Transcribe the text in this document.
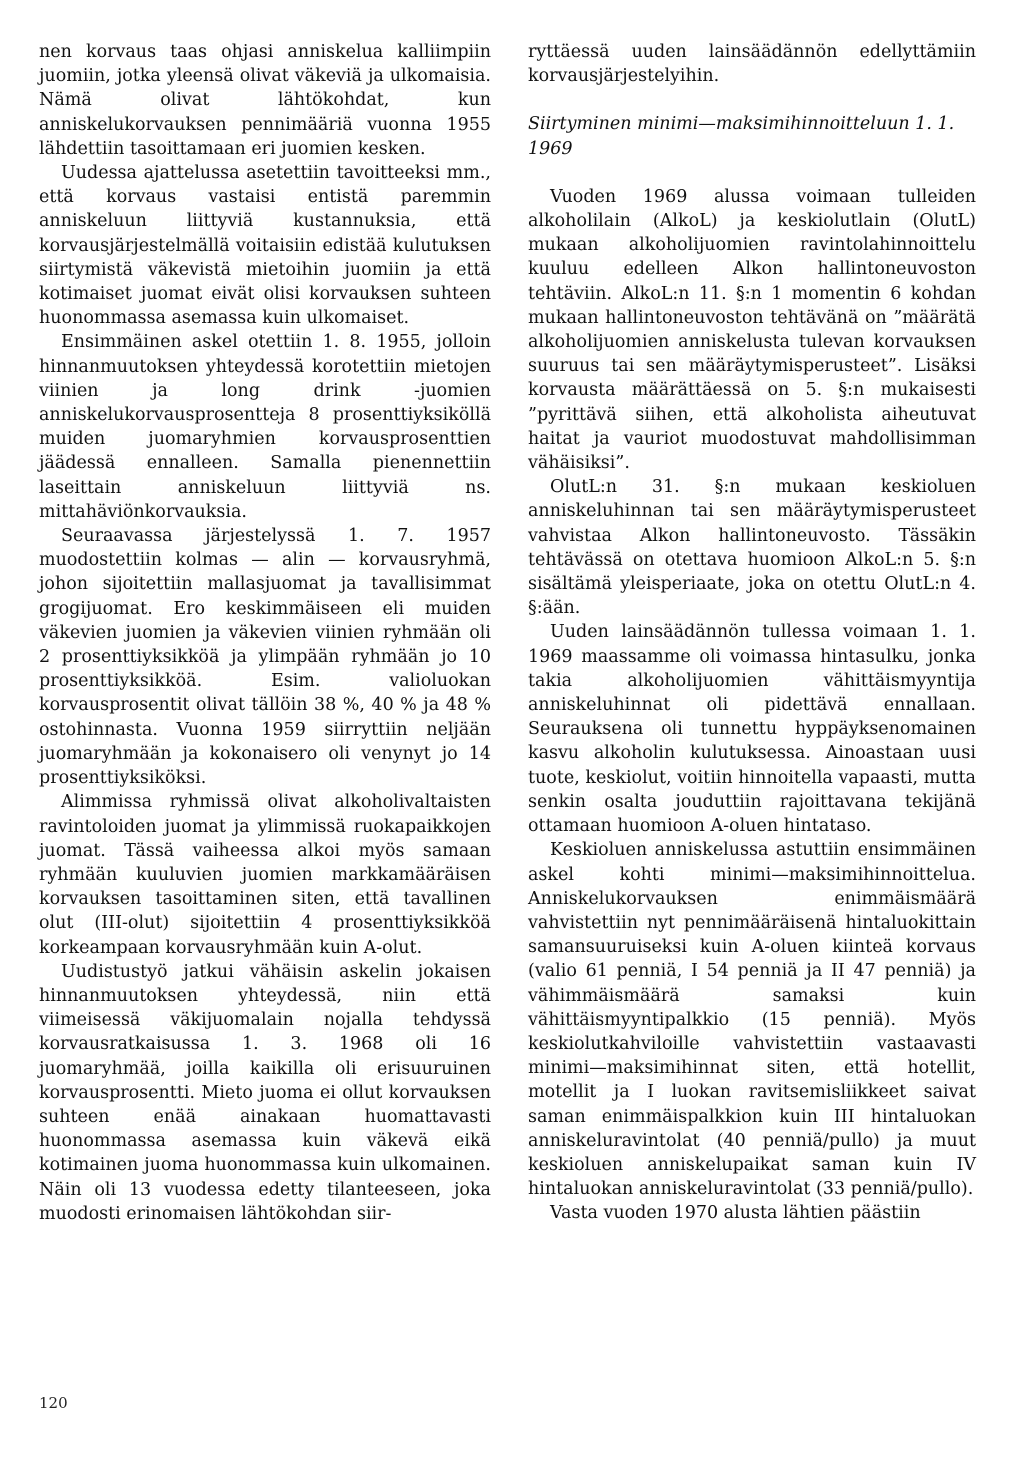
nen korvaus taas ohjasi anniskelua kalliimpiin juomiin, jotka yleensä olivat väkeviä ja ulkomaisia. Nämä olivat lähtökohdat, kun anniskelukorvauksen pennimääriä vuonna 1955 lähdettiin tasoittamaan eri juomien kesken.

Uudessa ajattelussa asetettiin tavoitteeksi mm., että korvaus vastaisi entistä paremmin anniskeluun liittyviä kustannuksia, että korvausjärjestelmällä voitaisiin edistää kulutuksen siirtymistä väkevistä mietoihin juomiin ja että kotimaiset juomat eivät olisi korvauksen suhteen huonommassa asemassa kuin ulkomaiset.

Ensimmäinen askel otettiin 1. 8. 1955, jolloin hinnanmuutoksen yhteydessä korotettiin mietojen viinien ja long drink -juomien anniskelukorvausprosentteja 8 prosenttiyksiköllä muiden juomaryhmien korvausprosenttien jäädessä ennalleen. Samalla pienennettiin laseittain anniskeluun liittyviä ns. mittahäviönkorvauksia.

Seuraavassa järjestelyssä 1. 7. 1957 muodostettiin kolmas — alin — korvausryhmä, johon sijoitettiin mallasjuomat ja tavallisimmat grogijuomat. Ero keskimmäiseen eli muiden väkevien juomien ja väkevien viinien ryhmään oli 2 prosenttiyksikköä ja ylimpään ryhmään jo 10 prosenttiyksikköä. Esim. valioluokan korvausprosentit olivat tällöin 38 %, 40 % ja 48 % ostohinnasta. Vuonna 1959 siirryttiin neljään juomaryhmään ja kokonaisero oli venynyt jo 14 prosenttiyksiköksi.

Alimmissa ryhmissä olivat alkoholivaltaisten ravintoloiden juomat ja ylimmissä ruokapaikkojen juomat. Tässä vaiheessa alkoi myös samaan ryhmään kuuluvien juomien markkamääräisen korvauksen tasoittaminen siten, että tavallinen olut (III-olut) sijoitettiin 4 prosenttiyksikköä korkeampaan korvausryhmään kuin A-olut.

Uudistustyö jatkui vähäisin askelin jokaisen hinnanmuutoksen yhteydessä, niin että viimeisessä väkijuomalain nojalla tehdyssä korvausratkaisussa 1. 3. 1968 oli 16 juomaryhmää, joilla kaikilla oli erisuuruinen korvausprosentti. Mieto juoma ei ollut korvauksen suhteen enää ainakaan huomattavasti huonommassa asemassa kuin väkevä eikä kotimainen juoma huonommassa kuin ulkomainen. Näin oli 13 vuodessa edetty tilanteeseen, joka muodosti erinomaisen lähtökohdan siir-

ryttäessä uuden lainsäädännön edellyttämiin korvausjärjestelyihin.

Siirtyminen minimi—maksimihinnoitteluun 1. 1. 1969

Vuoden 1969 alussa voimaan tulleiden alkoholilain (AlkoL) ja keskiolutlain (OlutL) mukaan alkoholijuomien ravintolahinnoittelu kuuluu edelleen Alkon hallintoneuvoston tehtäviin. AlkoL:n 11. §:n 1 momentin 6 kohdan mukaan hallintoneuvoston tehtävänä on ”määrätä alkoholijuomien anniskelusta tulevan korvauksen suuruus tai sen määräytymisperusteet”. Lisäksi korvausta määrättäessä on 5. §:n mukaisesti ”pyrittävä siihen, että alkoholista aiheutuvat haitat ja vauriot muodostuvat mahdollisimman vähäisiksi”.

OlutL:n 31. §:n mukaan keskioluen anniskeluhinnan tai sen määräytymisperusteet vahvistaa Alkon hallintoneuvosto. Tässäkin tehtävässä on otettava huomioon AlkoL:n 5. §:n sisältämä yleisperiaate, joka on otettu OlutL:n 4. §:ään.

Uuden lainsäädännön tullessa voimaan 1. 1. 1969 maassamme oli voimassa hintasulku, jonka takia alkoholijuomien vähittäismyyntija anniskeluhinnat oli pidettävä ennallaan. Seurauksena oli tunnettu hyppäyksenomainen kasvu alkoholin kulutuksessa. Ainoastaan uusi tuote, keskiolut, voitiin hinnoitella vapaasti, mutta senkin osalta jouduttiin rajoittavana tekijänä ottamaan huomioon A-oluen hintataso.

Keskioluen anniskelussa astuttiin ensimmäinen askel kohti minimi—maksimihinnoittelua. Anniskelukorvauksen enimmäismäärä vahvistettiin nyt pennimääräisenä hintaluokittain samansuuruiseksi kuin A-oluen kiinteä korvaus (valio 61 penniä, I 54 penniä ja II 47 penniä) ja vähimmäismäärä samaksi kuin vähittäismyyntipalkkio (15 penniä). Myös keskiolutkahviloille vahvistettiin vastaavasti minimi—maksimihinnat siten, että hotellit, motellit ja I luokan ravitsemisliikkeet saivat saman enimmäispalkkion kuin III hintaluokan anniskeluravintolat (40 penniä/pullo) ja muut keskioluen anniskelupaikat saman kuin IV hintaluokan anniskeluravintolat (33 penniä/pullo).

Vasta vuoden 1970 alusta lähtien päästiin

120
